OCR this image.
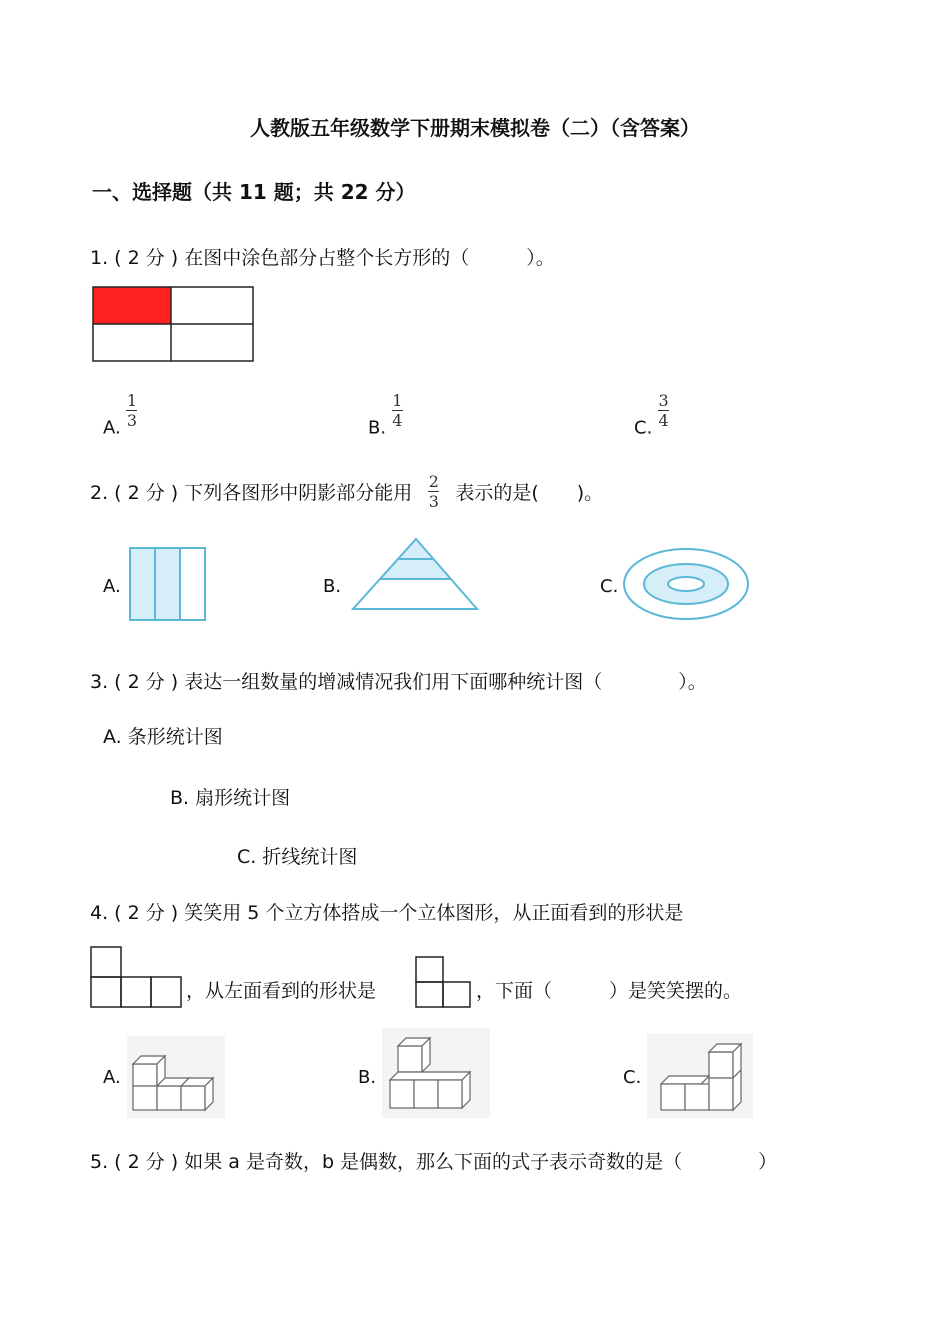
人教版五年级数学下册期末模拟卷（二）（含答案）
一、选择题（共 11 题；共 22 分）
1. ( 2 分 ) 在图中涂色部分占整个长方形的（　　　）。
A. $\frac{1}{3}$	B. $\frac{1}{4}$	C. $\frac{3}{4}$
2. ( 2 分 ) 下列各图形中阴影部分能用 $\frac{2}{3}$ 表示的是(　　)。
A.	B.	C.
3. ( 2 分 ) 表达一组数量的增减情况我们用下面哪种统计图（　　　　）。
A. 条形统计图
B. 扇形统计图
C. 折线统计图
4. ( 2 分 ) 笑笑用 5 个立方体搭成一个立体图形，从正面看到的形状是
，从左面看到的形状是	，下面（　　　）是笑笑摆的。
A.	B.	C.
5. ( 2 分 ) 如果 a 是奇数，b 是偶数，那么下面的式子表示奇数的是（　　　　）
